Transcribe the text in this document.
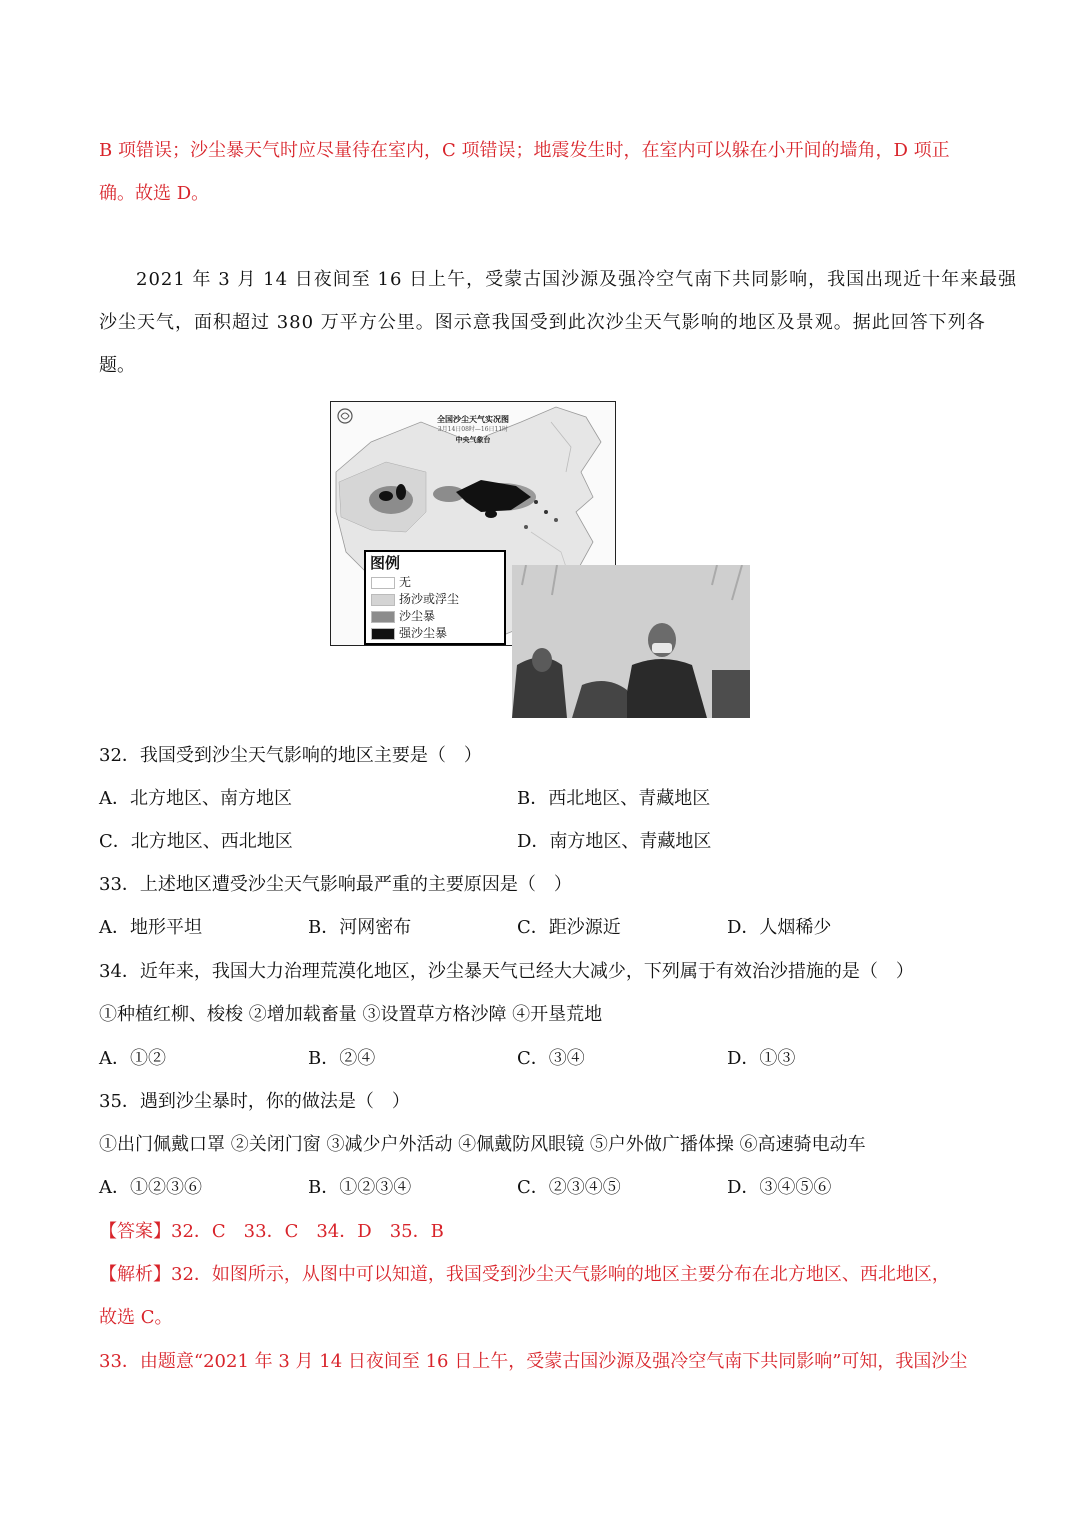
B 项错误；沙尘暴天气时应尽量待在室内，C 项错误；地震发生时，在室内可以躲在小开间的墙角，D 项正
确。故选 D。
2021 年 3 月 14 日夜间至 16 日上午，受蒙古国沙源及强冷空气南下共同影响，我国出现近十年来最强
沙尘天气，面积超过 380 万平方公里。图示意我国受到此次沙尘天气影响的地区及景观。据此回答下列各
题。
全国沙尘天气实况图
3月14日08时—16日11时
中央气象台
图例
无
扬沙或浮尘
沙尘暴
强沙尘暴
32．我国受到沙尘天气影响的地区主要是（　）
A．北方地区、南方地区	B．西北地区、青藏地区
C．北方地区、西北地区	D．南方地区、青藏地区
33．上述地区遭受沙尘天气影响最严重的主要原因是（　）
A．地形平坦	B．河网密布	C．距沙源近	D．人烟稀少
34．近年来，我国大力治理荒漠化地区，沙尘暴天气已经大大减少，下列属于有效治沙措施的是（　）
①种植红柳、梭梭 ②增加载畜量 ③设置草方格沙障 ④开垦荒地
A．①②	B．②④	C．③④	D．①③
35．遇到沙尘暴时，你的做法是（　）
①出门佩戴口罩 ②关闭门窗 ③减少户外活动 ④佩戴防风眼镜 ⑤户外做广播体操 ⑥高速骑电动车
A．①②③⑥	B．①②③④	C．②③④⑤	D．③④⑤⑥
【答案】32．C　33．C　34．D　35．B
【解析】32．如图所示，从图中可以知道，我国受到沙尘天气影响的地区主要分布在北方地区、西北地区，
故选 C。
33．由题意“2021 年 3 月 14 日夜间至 16 日上午，受蒙古国沙源及强冷空气南下共同影响”可知，我国沙尘
